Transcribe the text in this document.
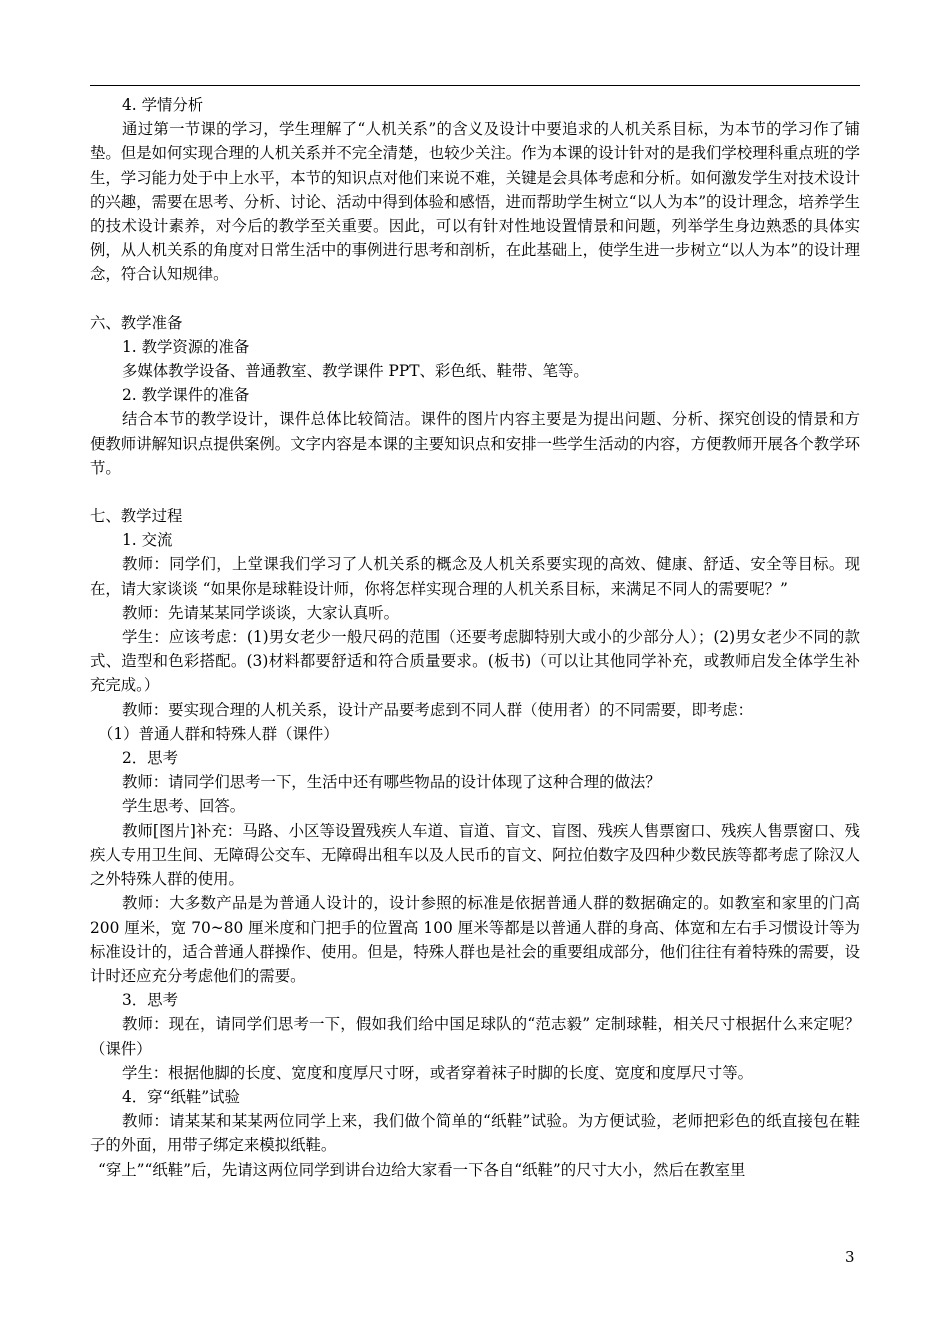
4. 学情分析

通过第一节课的学习，学生理解了“人机关系”的含义及设计中要追求的人机关系目标，为本节的学习作了铺垫。但是如何实现合理的人机关系并不完全清楚，也较少关注。作为本课的设计针对的是我们学校理科重点班的学生，学习能力处于中上水平，本节的知识点对他们来说不难，关键是会具体考虑和分析。如何激发学生对技术设计的兴趣，需要在思考、分析、讨论、活动中得到体验和感悟，进而帮助学生树立“以人为本”的设计理念，培养学生的技术设计素养，对今后的教学至关重要。因此，可以有针对性地设置情景和问题，列举学生身边熟悉的具体实例，从人机关系的角度对日常生活中的事例进行思考和剖析，在此基础上，使学生进一步树立“以人为本”的设计理念，符合认知规律。

六、教学准备

1. 教学资源的准备

多媒体教学设备、普通教室、教学课件 PPT、彩色纸、鞋带、笔等。

2. 教学课件的准备

结合本节的教学设计，课件总体比较简洁。课件的图片内容主要是为提出问题、分析、探究创设的情景和方便教师讲解知识点提供案例。文字内容是本课的主要知识点和安排一些学生活动的内容，方便教师开展各个教学环节。

七、教学过程

1. 交流

教师：同学们，上堂课我们学习了人机关系的概念及人机关系要实现的高效、健康、舒适、安全等目标。现在，请大家谈谈 “如果你是球鞋设计师，你将怎样实现合理的人机关系目标，来满足不同人的需要呢？”

教师：先请某某同学谈谈，大家认真听。

学生：应该考虑：(1)男女老少一般尺码的范围（还要考虑脚特别大或小的少部分人）；(2)男女老少不同的款式、造型和色彩搭配。(3)材料都要舒适和符合质量要求。(板书)（可以让其他同学补充，或教师启发全体学生补充完成。）

教师：要实现合理的人机关系，设计产品要考虑到不同人群（使用者）的不同需要，即考虑：

（1）普通人群和特殊人群（课件）

2．思考

教师：请同学们思考一下，生活中还有哪些物品的设计体现了这种合理的做法？

学生思考、回答。

教师[图片]补充：马路、小区等设置残疾人车道、盲道、盲文、盲图、残疾人售票窗口、残疾人售票窗口、残疾人专用卫生间、无障碍公交车、无障碍出租车以及人民币的盲文、阿拉伯数字及四种少数民族等都考虑了除汉人之外特殊人群的使用。

教师：大多数产品是为普通人设计的，设计参照的标准是依据普通人群的数据确定的。如教室和家里的门高 200 厘米，宽 70~80 厘米度和门把手的位置高 100 厘米等都是以普通人群的身高、体宽和左右手习惯设计等为标准设计的，适合普通人群操作、使用。但是，特殊人群也是社会的重要组成部分，他们往往有着特殊的需要，设计时还应充分考虑他们的需要。

3．思考

教师：现在，请同学们思考一下，假如我们给中国足球队的“范志毅” 定制球鞋，相关尺寸根据什么来定呢？（课件）

学生：根据他脚的长度、宽度和度厚尺寸呀，或者穿着袜子时脚的长度、宽度和度厚尺寸等。

4．穿“纸鞋”试验

教师：请某某和某某两位同学上来，我们做个简单的“纸鞋”试验。为方便试验，老师把彩色的纸直接包在鞋子的外面，用带子绑定来模拟纸鞋。

“穿上”“纸鞋”后，先请这两位同学到讲台边给大家看一下各自“纸鞋”的尺寸大小，然后在教室里

3
